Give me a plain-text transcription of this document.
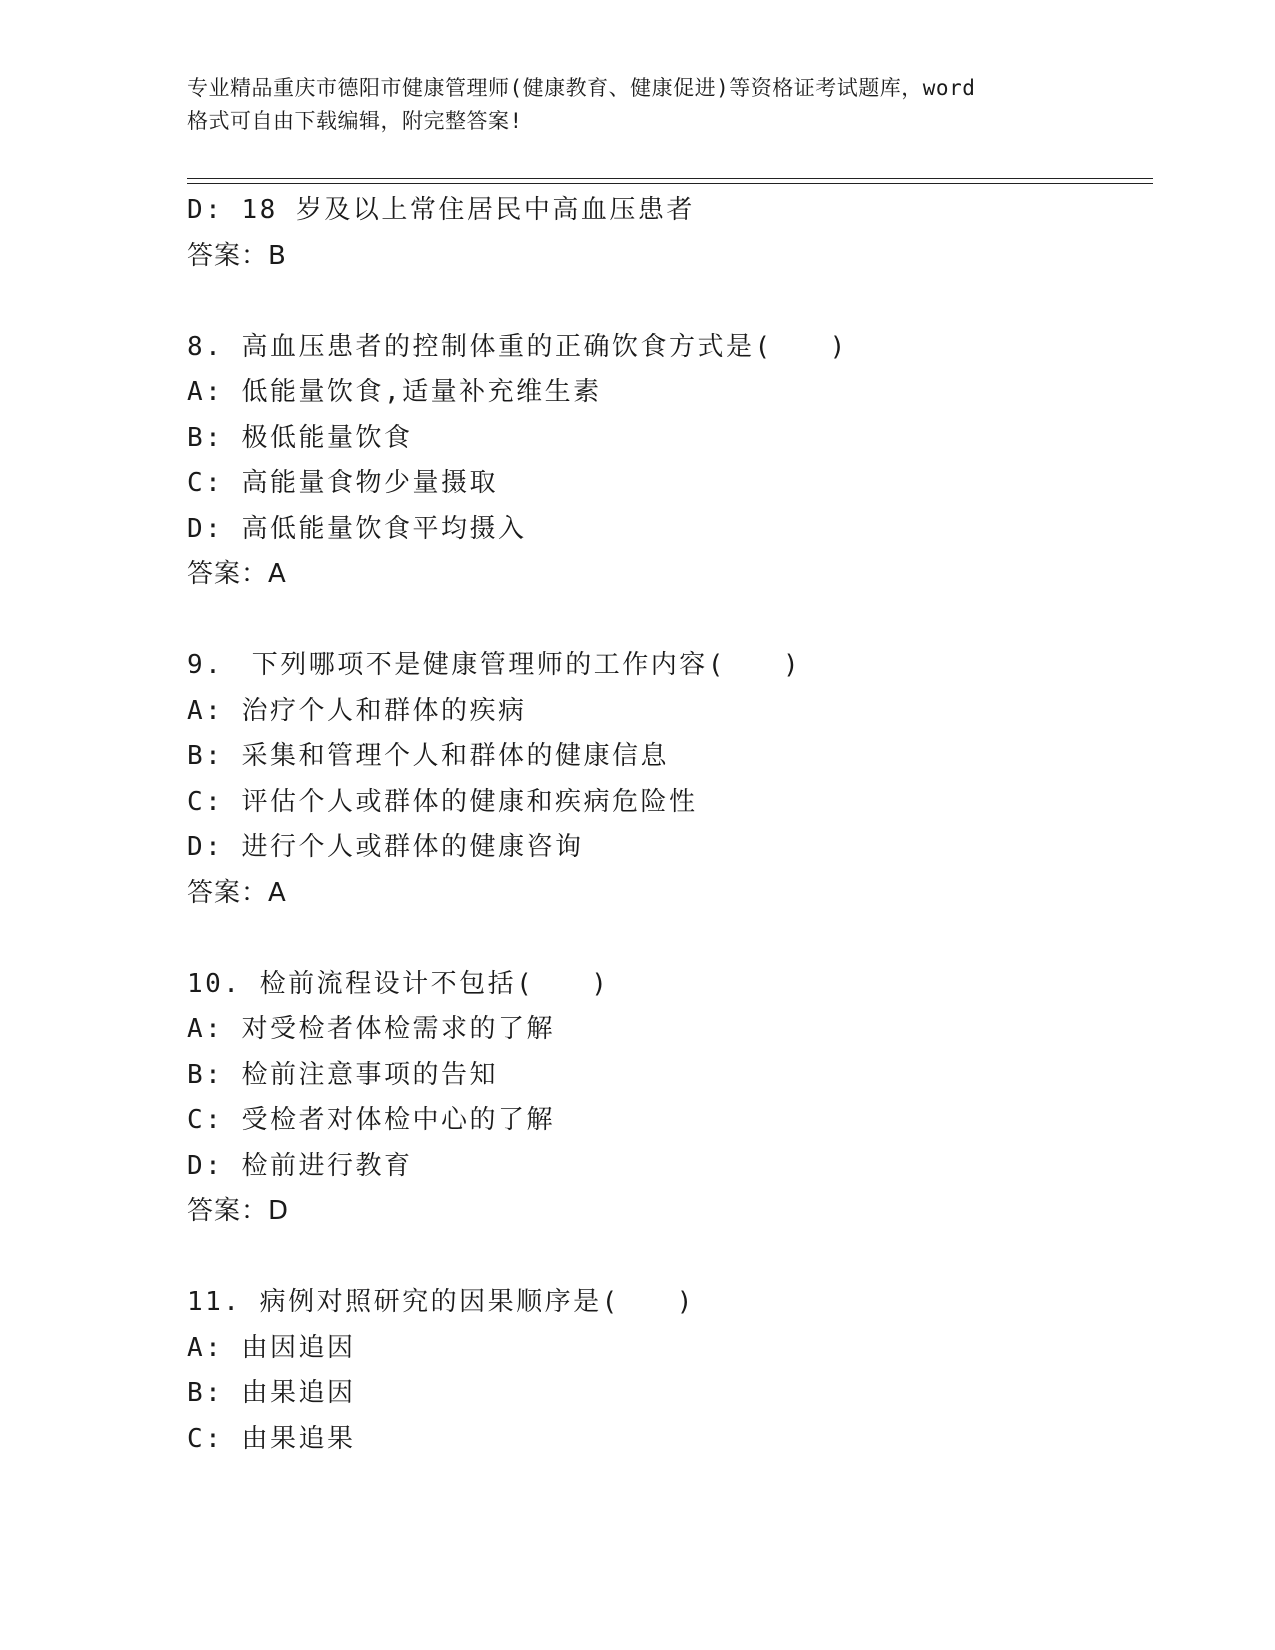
专业精品重庆市德阳市健康管理师(健康教育、健康促进)等资格证考试题库，word
格式可自由下载编辑，附完整答案!
D: 18 岁及以上常住居民中高血压患者
答案：B
8. 高血压患者的控制体重的正确饮食方式是(　　)
A: 低能量饮食,适量补充维生素
B: 极低能量饮食
C: 高能量食物少量摄取
D: 高低能量饮食平均摄入
答案：A
9.　下列哪项不是健康管理师的工作内容(　　)
A: 治疗个人和群体的疾病
B: 采集和管理个人和群体的健康信息
C: 评估个人或群体的健康和疾病危险性
D: 进行个人或群体的健康咨询
答案：A
10. 检前流程设计不包括(　　)
A: 对受检者体检需求的了解
B: 检前注意事项的告知
C: 受检者对体检中心的了解
D: 检前进行教育
答案：D
11. 病例对照研究的因果顺序是(　　)
A: 由因追因
B: 由果追因
C: 由果追果
